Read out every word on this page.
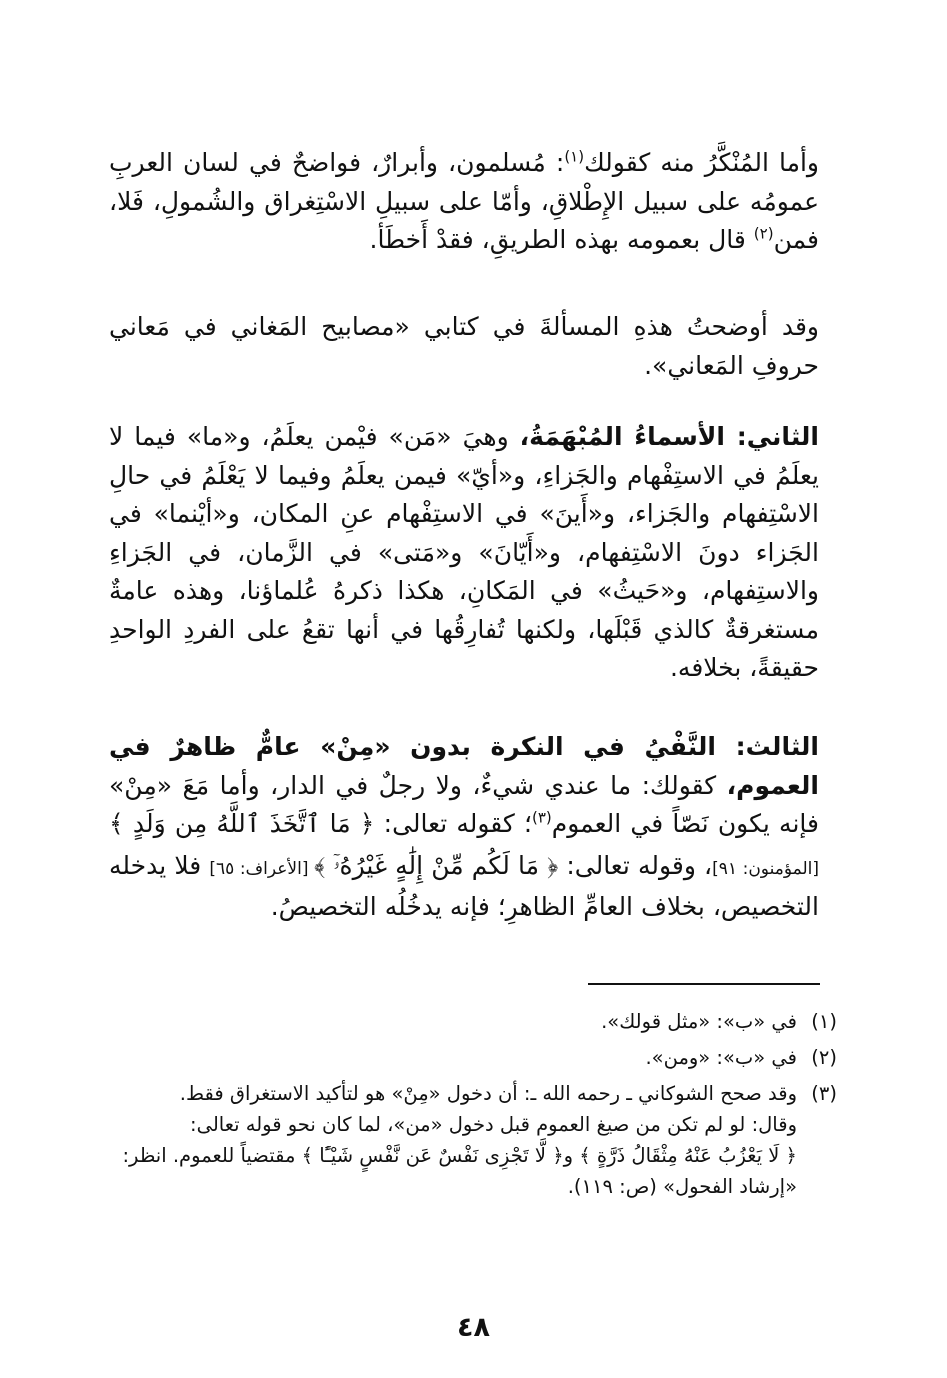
وأما المُنْكَّرُ منه كقولك$^{(١)}$: مُسلمون، وأبرارٌ، فواضحٌ في لسان العربِ عمومُه على سبيل الإِطْلاقِ، وأمّا على سبيلِ الاسْتِغراق والشُمولِ، فَلا، فمن$^{(٢)}$ قال بعمومه بهذه الطريقِ، فقدْ أَخطَأ.

وقد أوضحتُ هذهِ المسألةَ في كتابي «مصابيح المَغاني في مَعاني حروفِ المَعاني».

الثاني: الأسماءُ المُبْهَمَةُ، وهيَ «مَن» فيْمن يعلَمُ، و«ما» فيما لا يعلَمُ في الاستِفْهام والجَزاءِ، و«أيّ» فيمن يعلَمُ وفيما لا يَعْلَمُ في حالِ الاسْتِفهام والجَزاء، و«أَينَ» في الاستِفْهام عنِ المكان، و«أيْنما» في الجَزاء دونَ الاسْتِفهام، و«أَيّانَ» و«مَتى» في الزَّمان، في الجَزاءِ والاستِفهام، و«حَيثُ» في المَكانِ، هكذا ذكرهُ عُلماؤنا، وهذه عامةٌ مستغرقةٌ كالذي قَبْلَها، ولكنها تُفارِقُها في أنها تقعُ على الفردِ الواحدِ حقيقةً، بخلافه.

الثالث: النَّفْيُ في النكرة بدون «مِنْ» عامٌّ ظاهرٌ في العموم، كقولك: ما عندي شيءٌ، ولا رجلٌ في الدار، وأما مَعَ «مِنْ» فإنه يكون نَصّاً في العموم$^{(٣)}$؛ كقوله تعالى: ﴿ مَا ٱتَّخَذَ ٱللَّهُ مِن وَلَدٍ ﴾ [المؤمنون: ٩١]، وقوله تعالى: ﴿ مَا لَكُم مِّنْ إِلَٰهٍ غَيْرُهُۥٓ ﴾ [الأعراف: ٦٥] فلا يدخله التخصيص، بخلاف العامِّ الظاهرِ؛ فإنه يدخُلُه التخصيصُ.

(١)
في «ب»: «مثل قولك».
(٢)
في «ب»: «ومن».
(٣)
وقد صحح الشوكاني ـ رحمه الله ـ: أن دخول «مِنْ» هو لتأكيد الاستغراق فقط.
وقال: لو لم تكن من صيغ العموم قبل دخول «من»، لما كان نحو قوله تعالى:
﴿ لَا يَعْزُبُ عَنْهُ مِثْقَالُ ذَرَّةٍ ﴾ و﴿ لَّا تَجْزِى نَفْسٌ عَن نَّفْسٍ شَيْـًٔا ﴾ مقتضياً للعموم. انظر:
«إرشاد الفحول» (ص: ١١٩).
٤٨
